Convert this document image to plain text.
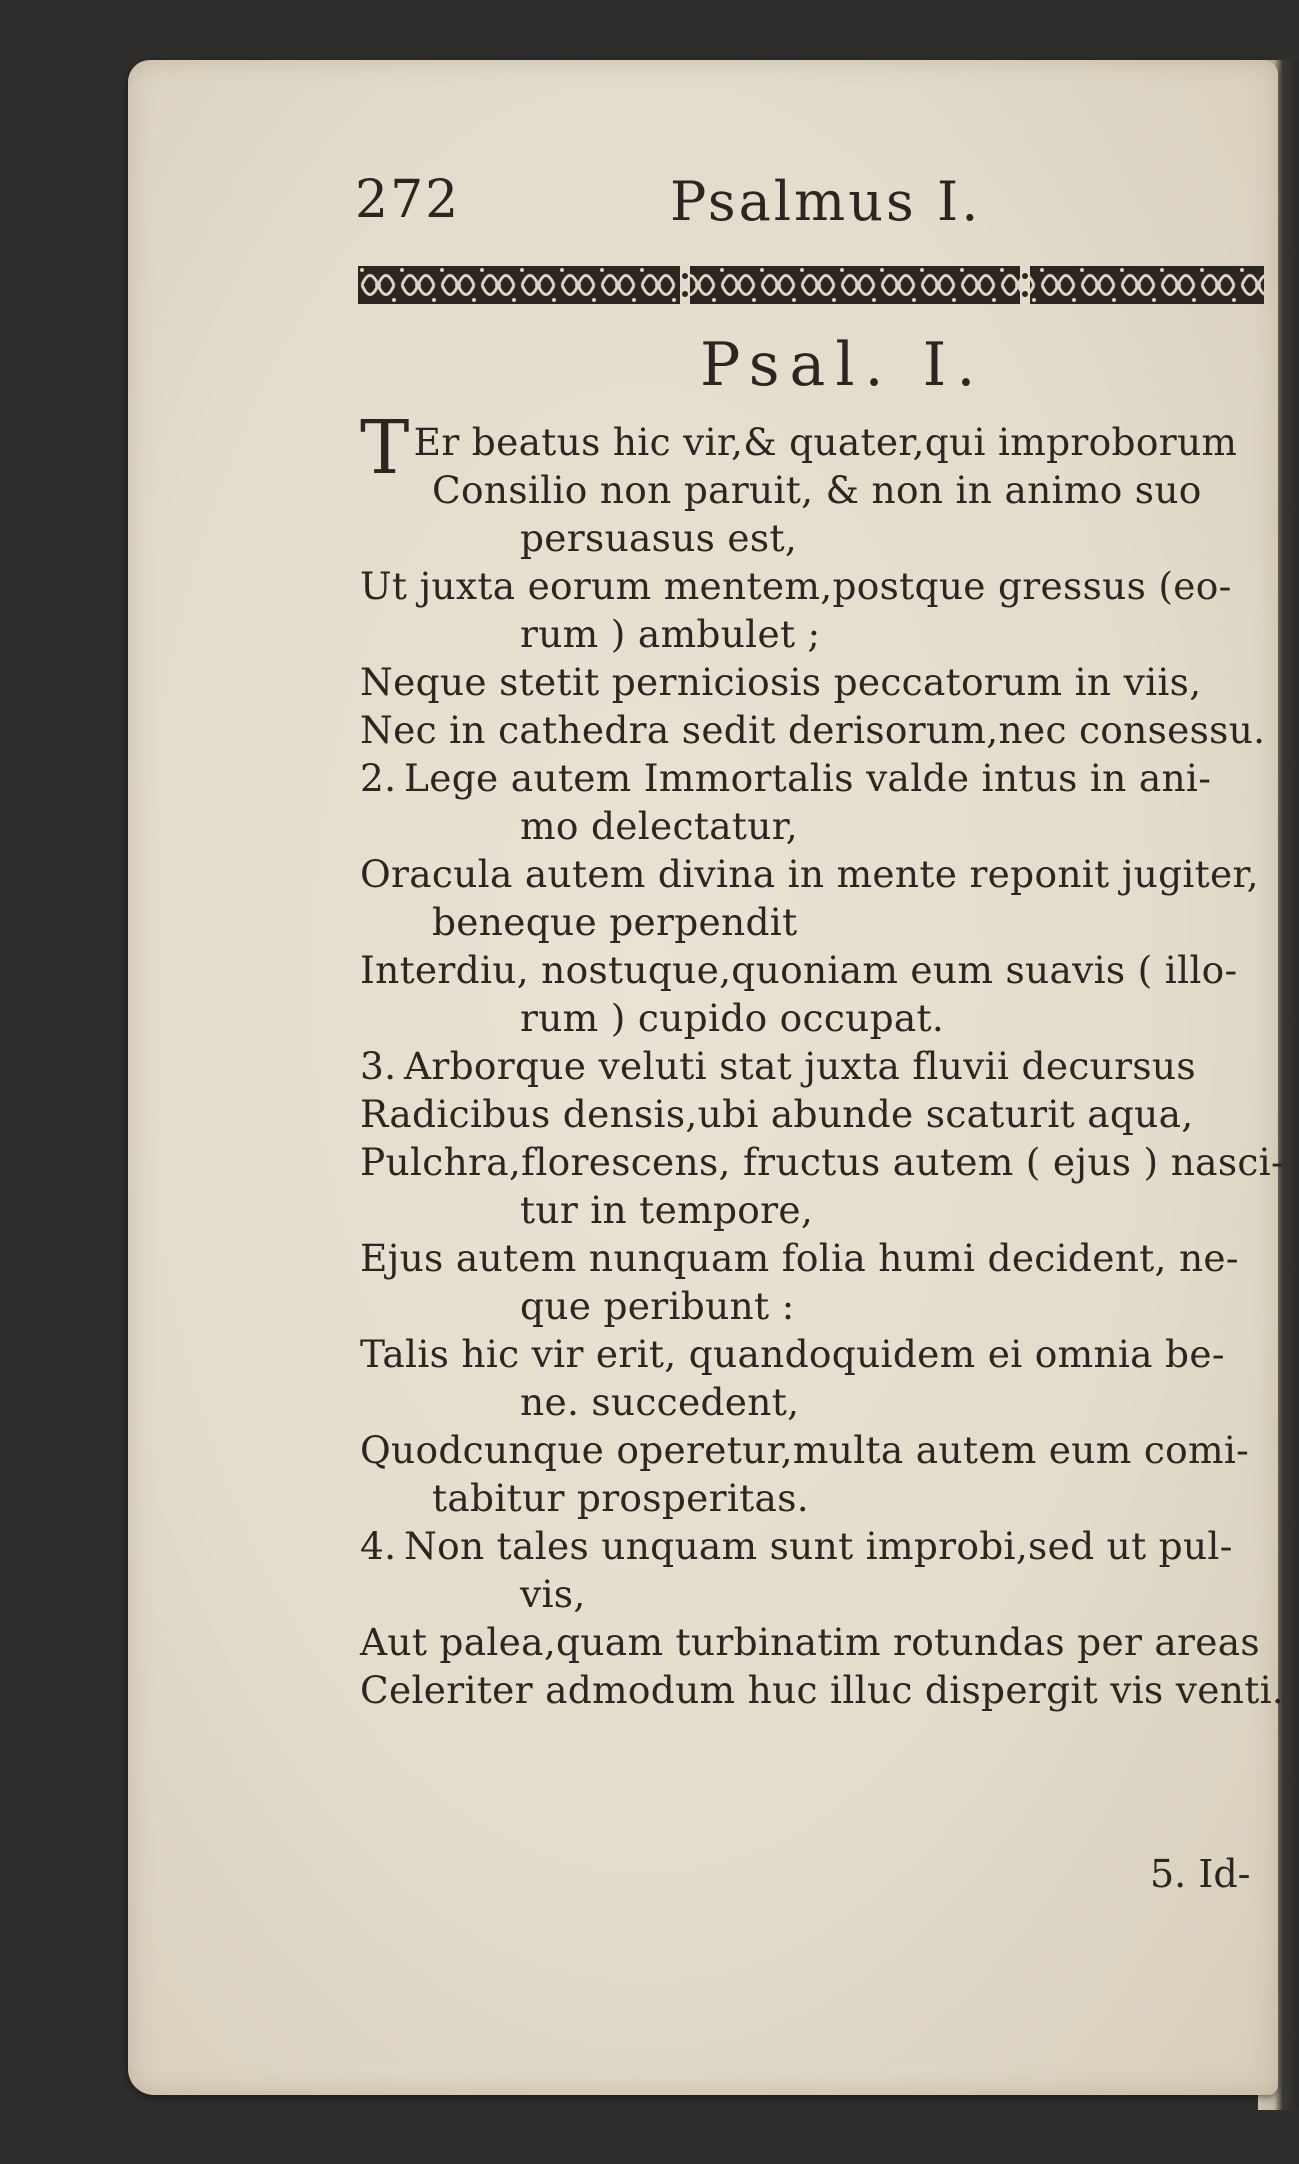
272	Psalmus I.
Psal. I.
T Er beatus hic vir,& quater,qui improborum
Consilio non paruit, & non in animo suo
persuasus est,
Ut juxta eorum mentem,postque gressus (eo-
rum ) ambulet ;
Neque stetit perniciosis peccatorum in viis,
Nec in cathedra sedit derisorum,nec consessu.
2. Lege autem Immortalis valde intus in ani-
mo delectatur,
Oracula autem divina in mente reponit jugiter,
beneque perpendit
Interdiu, nostuque,quoniam eum suavis ( illo-
rum ) cupido occupat.
3. Arborque veluti stat juxta fluvii decursus
Radicibus densis,ubi abunde scaturit aqua,
Pulchra,florescens, fructus autem ( ejus ) nasci-
tur in tempore,
Ejus autem nunquam folia humi decident, ne-
que peribunt :
Talis hic vir erit, quandoquidem ei omnia be-
ne. succedent,
Quodcunque operetur,multa autem eum comi-
tabitur prosperitas.
4. Non tales unquam sunt improbi,sed ut pul-
vis,
Aut palea,quam turbinatim rotundas per areas
Celeriter admodum huc illuc dispergit vis venti.
5. Id-
